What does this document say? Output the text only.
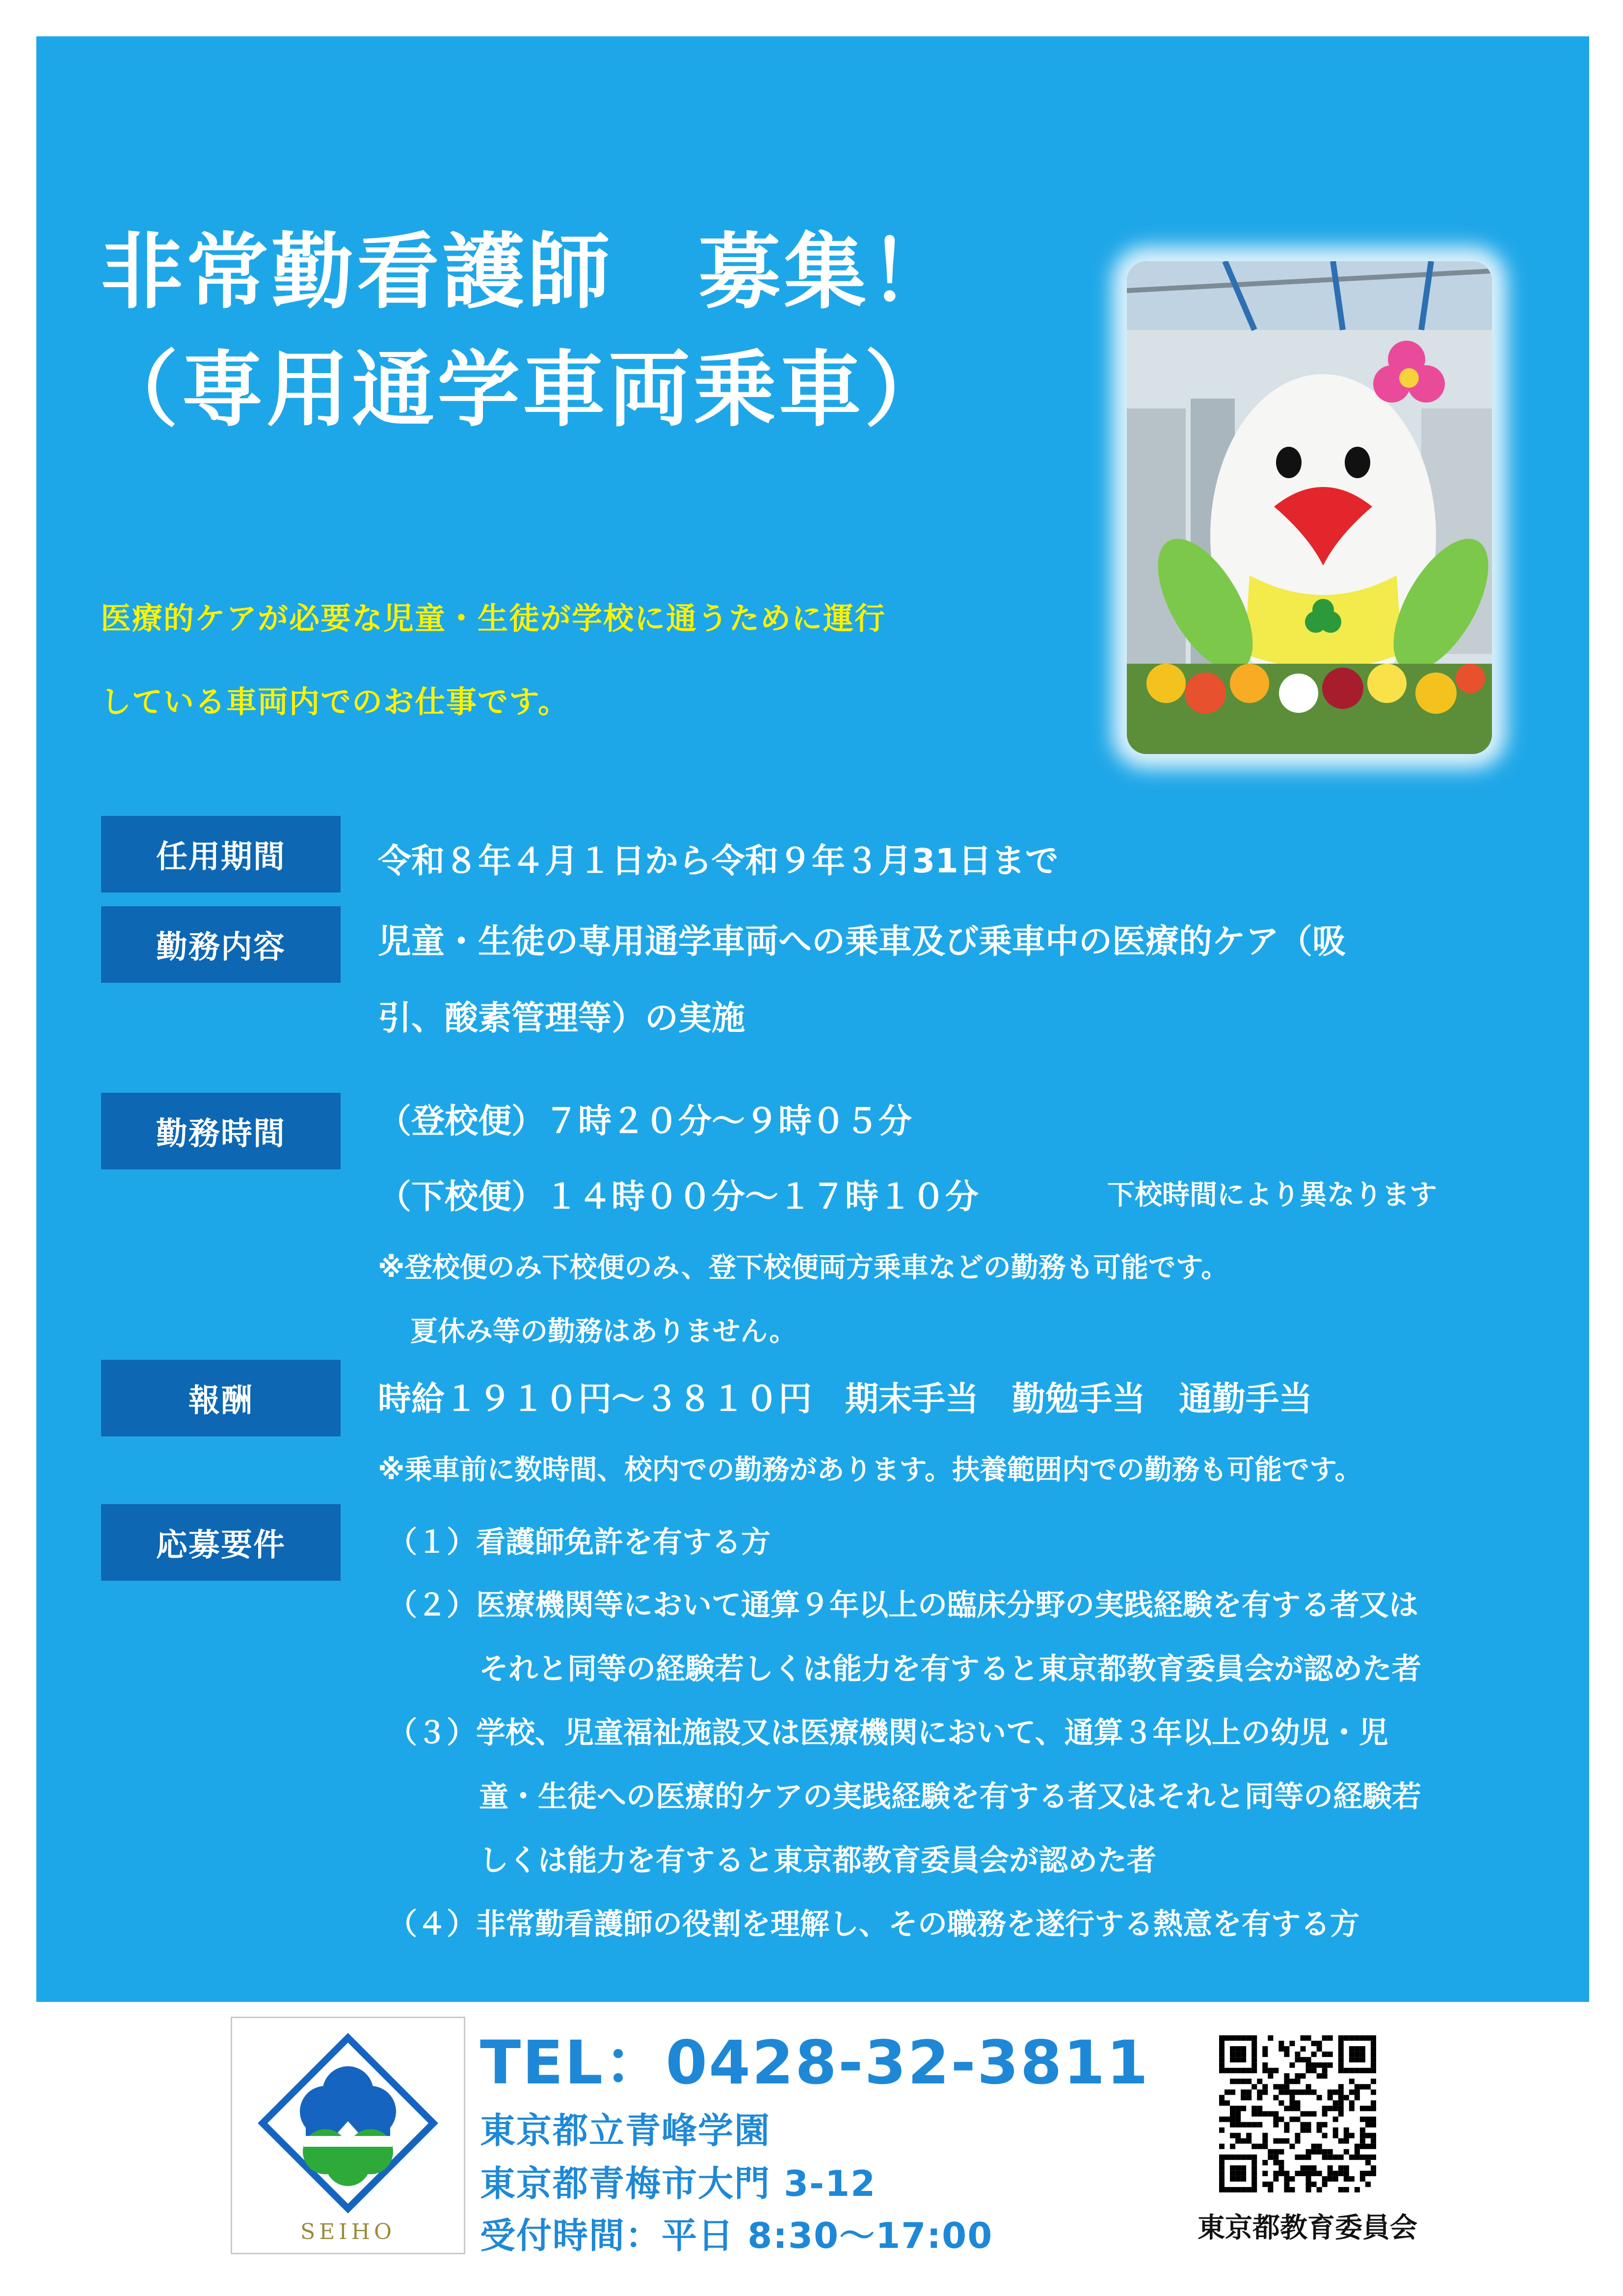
非常勤看護師　募集！
（専用通学車両乗車）
医療的ケアが必要な児童・生徒が学校に通うために運行
している車両内でのお仕事です。
任用期間	令和８年４月１日から令和９年３月31日まで
勤務内容	児童・生徒の専用通学車両への乗車及び乗車中の医療的ケア（吸
引、酸素管理等）の実施
勤務時間	（登校便）７時２０分～９時０５分
（下校便）１４時００分～１７時１０分	下校時間により異なります
※登校便のみ下校便のみ、登下校便両方乗車などの勤務も可能です。
夏休み等の勤務はありません。
報酬	時給１９１０円～３８１０円　期末手当　勤勉手当　通勤手当
※乗車前に数時間、校内での勤務があります。扶養範囲内での勤務も可能です。
応募要件	（１）看護師免許を有する方
（２）医療機関等において通算９年以上の臨床分野の実践経験を有する者又は
それと同等の経験若しくは能力を有すると東京都教育委員会が認めた者
（３）学校、児童福祉施設又は医療機関において、通算３年以上の幼児・児
童・生徒への医療的ケアの実践経験を有する者又はそれと同等の経験若
しくは能力を有すると東京都教育委員会が認めた者
（４）非常勤看護師の役割を理解し、その職務を遂行する熱意を有する方
SEIHO
TEL：0428-32-3811
東京都立青峰学園
東京都青梅市大門 3-12
受付時間：平日 8:30～17:00	東京都教育委員会
